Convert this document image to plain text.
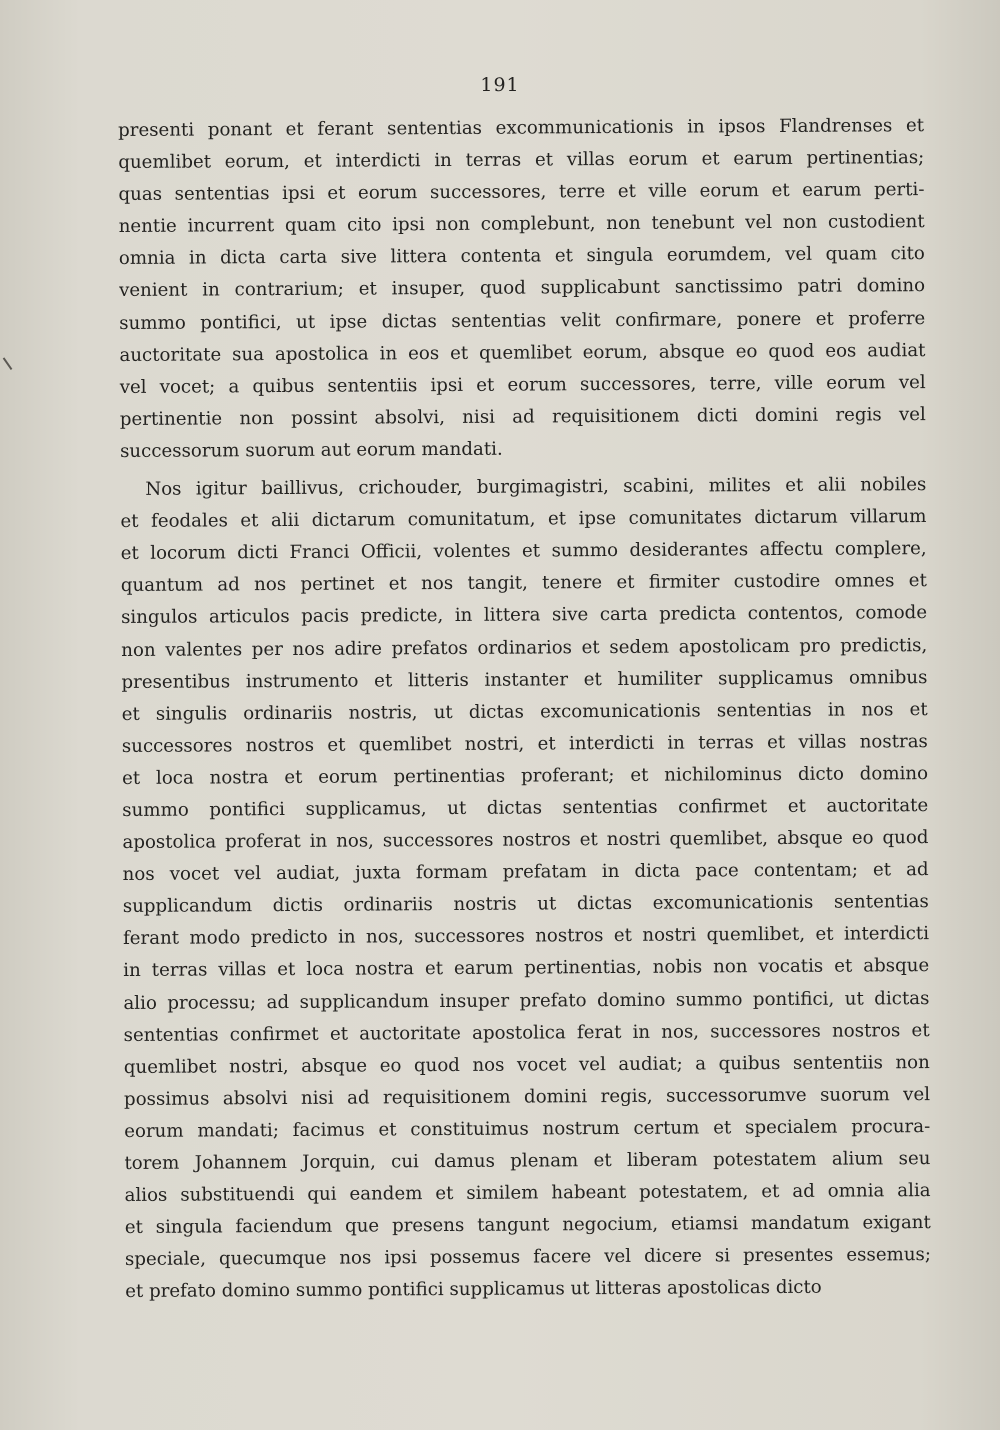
191
presenti ponant et ferant sententias excommunicationis in ipsos Flandrenses et
quemlibet eorum, et interdicti in terras et villas eorum et earum pertinentias;
quas sententias ipsi et eorum successores, terre et ville eorum et earum perti-
nentie incurrent quam cito ipsi non complebunt, non tenebunt vel non custodient
omnia in dicta carta sive littera contenta et singula eorumdem, vel quam cito
venient in contrarium; et insuper, quod supplicabunt sanctissimo patri domino
summo pontifici, ut ipse dictas sententias velit confirmare, ponere et proferre
auctoritate sua apostolica in eos et quemlibet eorum, absque eo quod eos audiat
vel vocet; a quibus sententiis ipsi et eorum successores, terre, ville eorum vel
pertinentie non possint absolvi, nisi ad requisitionem dicti domini regis vel
successorum suorum aut eorum mandati.
Nos igitur baillivus, crichouder, burgimagistri, scabini, milites et alii nobiles
et feodales et alii dictarum comunitatum, et ipse comunitates dictarum villarum
et locorum dicti Franci Officii, volentes et summo desiderantes affectu complere,
quantum ad nos pertinet et nos tangit, tenere et firmiter custodire omnes et
singulos articulos pacis predicte, in littera sive carta predicta contentos, comode
non valentes per nos adire prefatos ordinarios et sedem apostolicam pro predictis,
presentibus instrumento et litteris instanter et humiliter supplicamus omnibus
et singulis ordinariis nostris, ut dictas excomunicationis sententias in nos et
successores nostros et quemlibet nostri, et interdicti in terras et villas nostras
et loca nostra et eorum pertinentias proferant; et nichilominus dicto domino
summo pontifici supplicamus, ut dictas sententias confirmet et auctoritate
apostolica proferat in nos, successores nostros et nostri quemlibet, absque eo quod
nos vocet vel audiat, juxta formam prefatam in dicta pace contentam; et ad
supplicandum dictis ordinariis nostris ut dictas excomunicationis sententias
ferant modo predicto in nos, successores nostros et nostri quemlibet, et interdicti
in terras villas et loca nostra et earum pertinentias, nobis non vocatis et absque
alio processu; ad supplicandum insuper prefato domino summo pontifici, ut dictas
sententias confirmet et auctoritate apostolica ferat in nos, successores nostros et
quemlibet nostri, absque eo quod nos vocet vel audiat; a quibus sententiis non
possimus absolvi nisi ad requisitionem domini regis, successorumve suorum vel
eorum mandati; facimus et constituimus nostrum certum et specialem procura-
torem Johannem Jorquin, cui damus plenam et liberam potestatem alium seu
alios substituendi qui eandem et similem habeant potestatem, et ad omnia alia
et singula faciendum que presens tangunt negocium, etiamsi mandatum exigant
speciale, quecumque nos ipsi possemus facere vel dicere si presentes essemus;
et prefato domino summo pontifici supplicamus ut litteras apostolicas dicto
